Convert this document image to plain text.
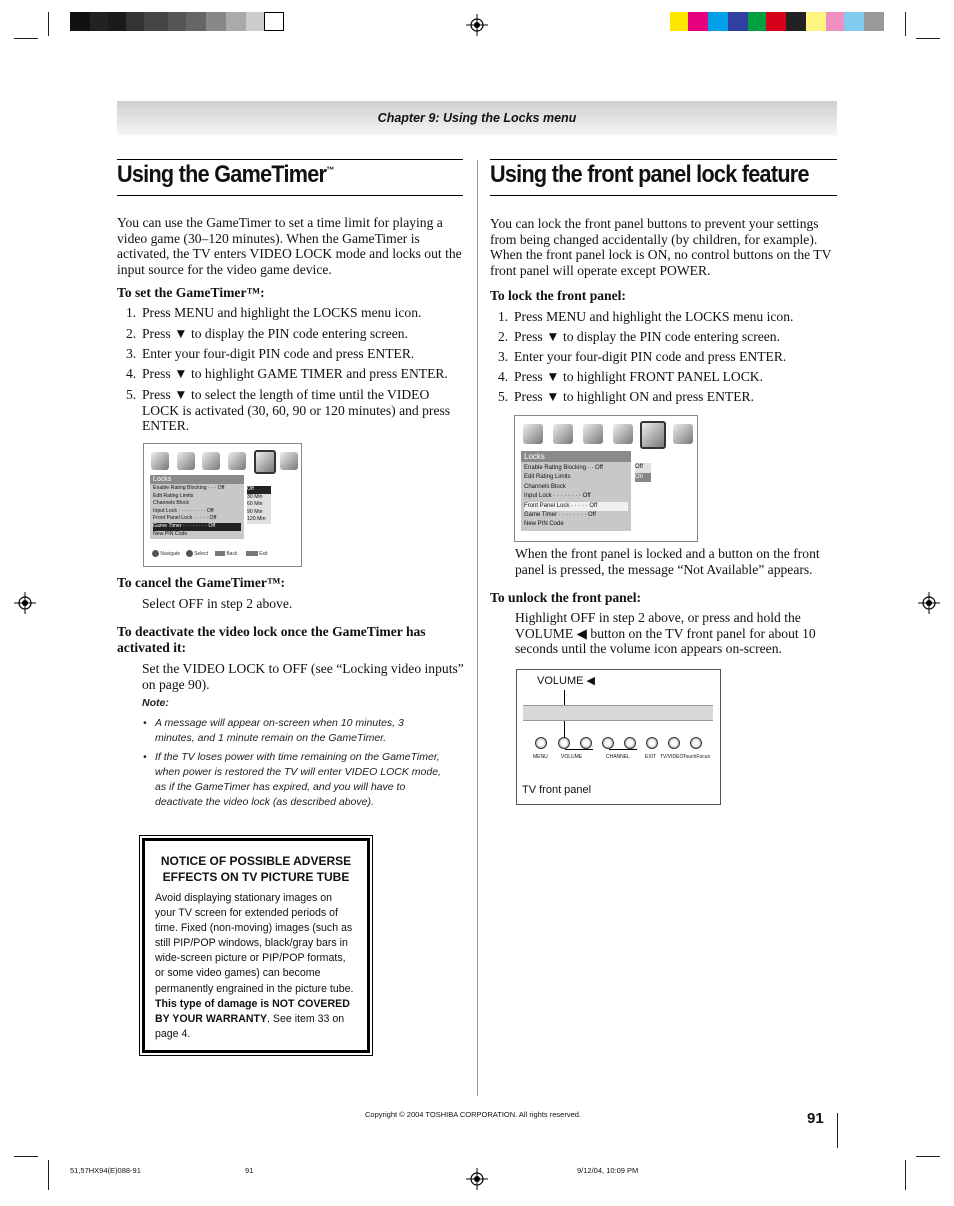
Chapter 9: Using the Locks menu
Using the GameTimer™
You can use the GameTimer to set a time limit for playing a video game (30–120 minutes). When the GameTimer is activated, the TV enters VIDEO LOCK mode and locks out the input source for the video game device.
To set the GameTimer™:
1. Press MENU and highlight the LOCKS menu icon.
2. Press ▼ to display the PIN code entering screen.
3. Enter your four-digit PIN code and press ENTER.
4. Press ▼ to highlight GAME TIMER and press ENTER.
5. Press ▼ to select the length of time until the VIDEO LOCK is activated (30, 60, 90 or 120 minutes) and press ENTER.
Locks
Enable Rating Blocking · · · Off
Edit Rating Limits
Channels Block
Input Lock · · · · · · · · · Off
Front Panel Lock · · · · · Off
Game Timer · · · · · · · · Off
New PIN Code
Off
30 Min
60 Min
90 Min
120 Min
Navigate	Select	Back	Exit
To cancel the GameTimer™:
Select OFF in step 2 above.
To deactivate the video lock once the GameTimer has activated it:
Set the VIDEO LOCK to OFF (see “Locking video inputs” on page 90).
Note:
• A message will appear on-screen when 10 minutes, 3 minutes, and 1 minute remain on the GameTimer.
• If the TV loses power with time remaining on the GameTimer, when power is restored the TV will enter VIDEO LOCK mode, as if the GameTimer has expired, and you will have to deactivate the video lock (as described above).
NOTICE OF POSSIBLE ADVERSE EFFECTS ON TV PICTURE TUBE
Avoid displaying stationary images on your TV screen for extended periods of time. Fixed (non-moving) images (such as still PIP/POP windows, black/gray bars in wide-screen picture or PIP/POP formats, or some video games) can become permanently engrained in the picture tube. This type of damage is NOT COVERED BY YOUR WARRANTY. See item 33 on page 4.
Using the front panel lock feature
You can lock the front panel buttons to prevent your settings from being changed accidentally (by children, for example). When the front panel lock is ON, no control buttons on the TV front panel will operate except POWER.
To lock the front panel:
1. Press MENU and highlight the LOCKS menu icon.
2. Press ▼ to display the PIN code entering screen.
3. Enter your four-digit PIN code and press ENTER.
4. Press ▼ to highlight FRONT PANEL LOCK.
5. Press ▼ to highlight ON and press ENTER.
Locks
Enable Rating Blocking · · Off
Edit Rating Limits
Channels Block
Input Lock · · · · · · · · Off
Front Panel Lock · · · · · Off
Game Timer · · · · · · · · Off
New PIN Code
Off
On
When the front panel is locked and a button on the front panel is pressed, the message “Not Available” appears.
To unlock the front panel:
Highlight OFF in step 2 above, or press and hold the VOLUME ◀ button on the TV front panel for about 10 seconds until the volume icon appears on-screen.
VOLUME ◀
MENU	VOLUME	CHANNEL	EXIT TV/VIDEO TouchFocus
TV front panel
Copyright © 2004 TOSHIBA CORPORATION. All rights reserved.	91
51,57HX94(E)088-91	91	9/12/04, 10:09 PM
